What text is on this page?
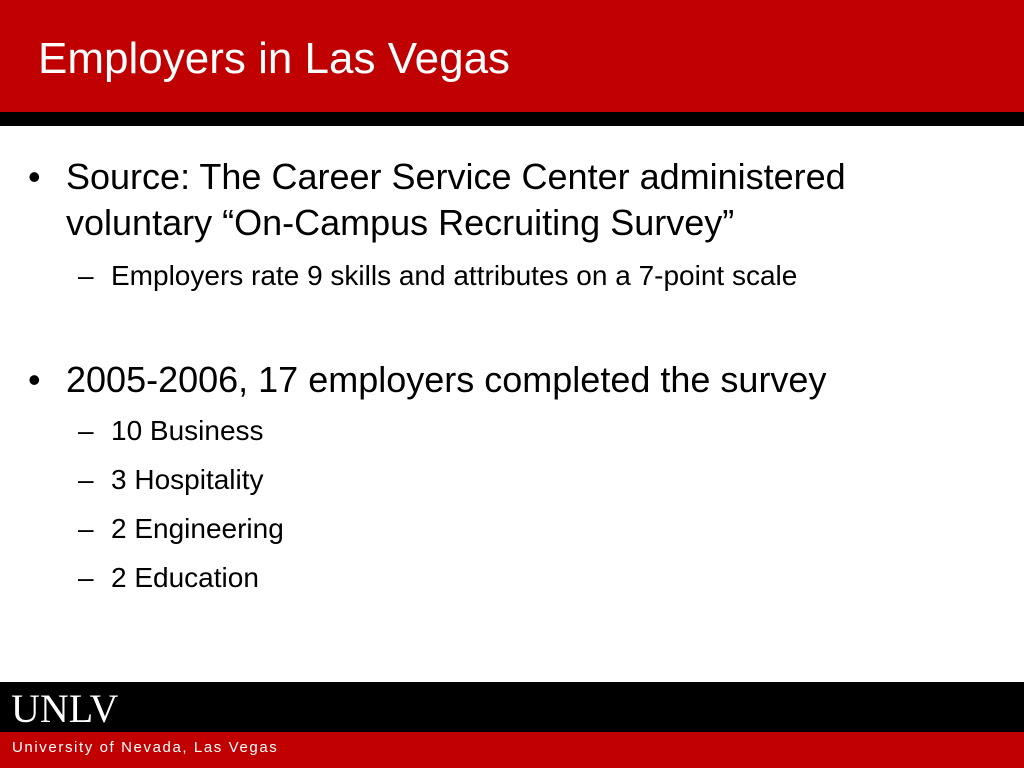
Employers in Las Vegas
• Source: The Career Service Center administered voluntary “On-Campus Recruiting Survey”
– Employers rate 9 skills and attributes on a 7-point scale
• 2005-2006, 17 employers completed the survey
– 10 Business
– 3 Hospitality
– 2 Engineering
– 2 Education
UNLV
University of Nevada, Las Vegas
